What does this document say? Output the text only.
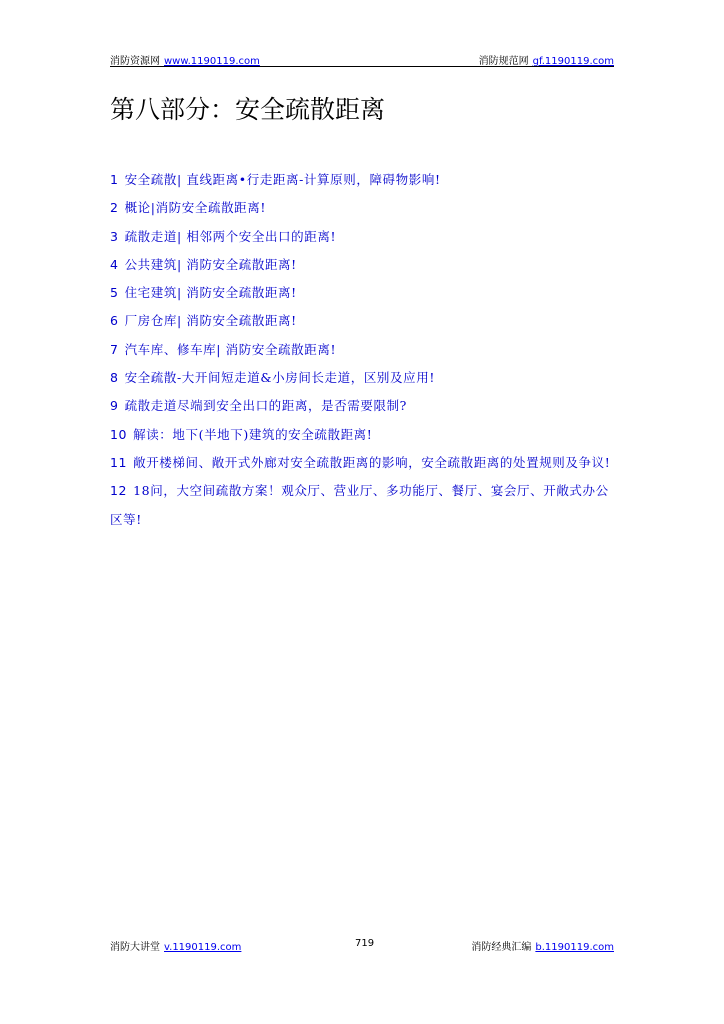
消防资源网 www.1190119.com	消防规范网 gf.1190119.com
第八部分：安全疏散距离
1 安全疏散| 直线距离•行走距离-计算原则，障碍物影响!
2 概论|消防安全疏散距离!
3 疏散走道| 相邻两个安全出口的距离!
4 公共建筑| 消防安全疏散距离!
5 住宅建筑| 消防安全疏散距离!
6 厂房仓库| 消防安全疏散距离!
7 汽车库、修车库| 消防安全疏散距离!
8 安全疏散-大开间短走道&小房间长走道，区别及应用!
9 疏散走道尽端到安全出口的距离，是否需要限制?
10 解读：地下(半地下)建筑的安全疏散距离!
11 敞开楼梯间、敞开式外廊对安全疏散距离的影响，安全疏散距离的处置规则及争议!
12 18问，大空间疏散方案！观众厅、营业厅、多功能厅、餐厅、宴会厅、开敞式办公区等!
消防大讲堂 v.1190119.com	719	消防经典汇编 b.1190119.com
